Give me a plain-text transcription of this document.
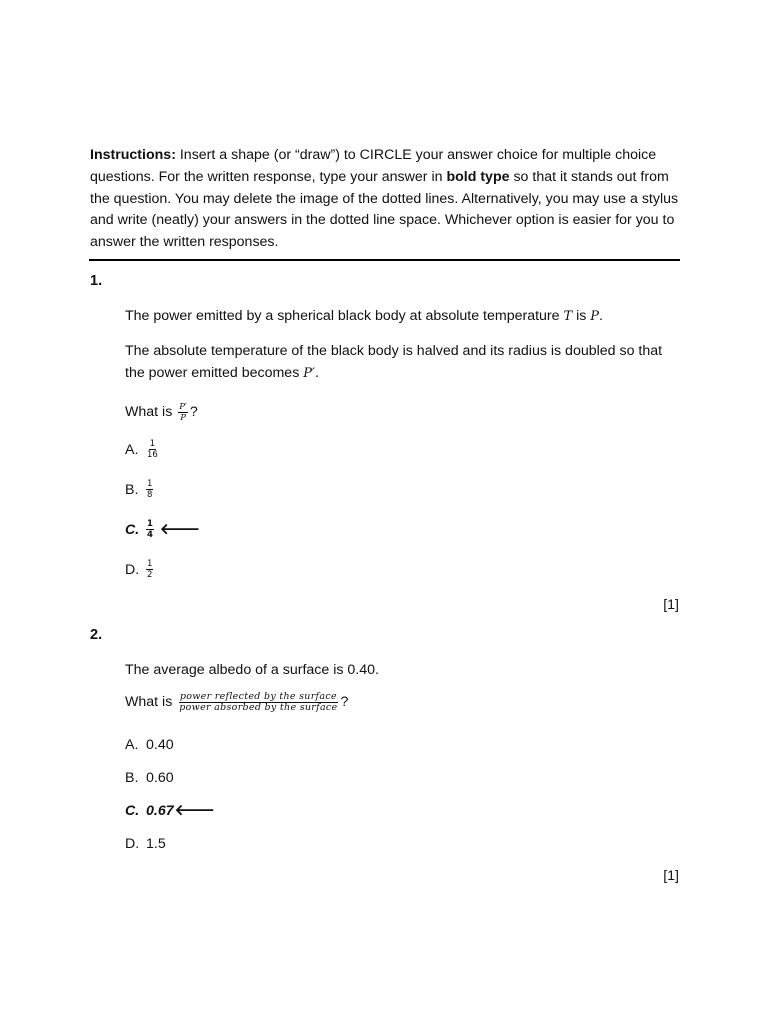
Instructions: Insert a shape (or “draw”) to CIRCLE your answer choice for multiple choice questions. For the written response, type your answer in bold type so that it stands out from the question. You may delete the image of the dotted lines. Alternatively, you may use a stylus and write (neatly) your answers in the dotted line space. Whichever option is easier for you to answer the written responses.

1.
The power emitted by a spherical black body at absolute temperature T is P.
The absolute temperature of the black body is halved and its radius is doubled so that the power emitted becomes P′.
What is $\frac{P'}{P}$ ?
A. $\frac{1}{16}$
B. $\frac{1}{8}$
C. $\frac{1}{4}$ 🡐
D. $\frac{1}{2}$
[1]
2.
The average albedo of a surface is 0.40.
What is $\frac{\text{power reflected by the surface}}{\text{power absorbed by the surface}}$ ?
A. 0.40
B. 0.60
C. 0.67 🡐
D. 1.5
[1]
